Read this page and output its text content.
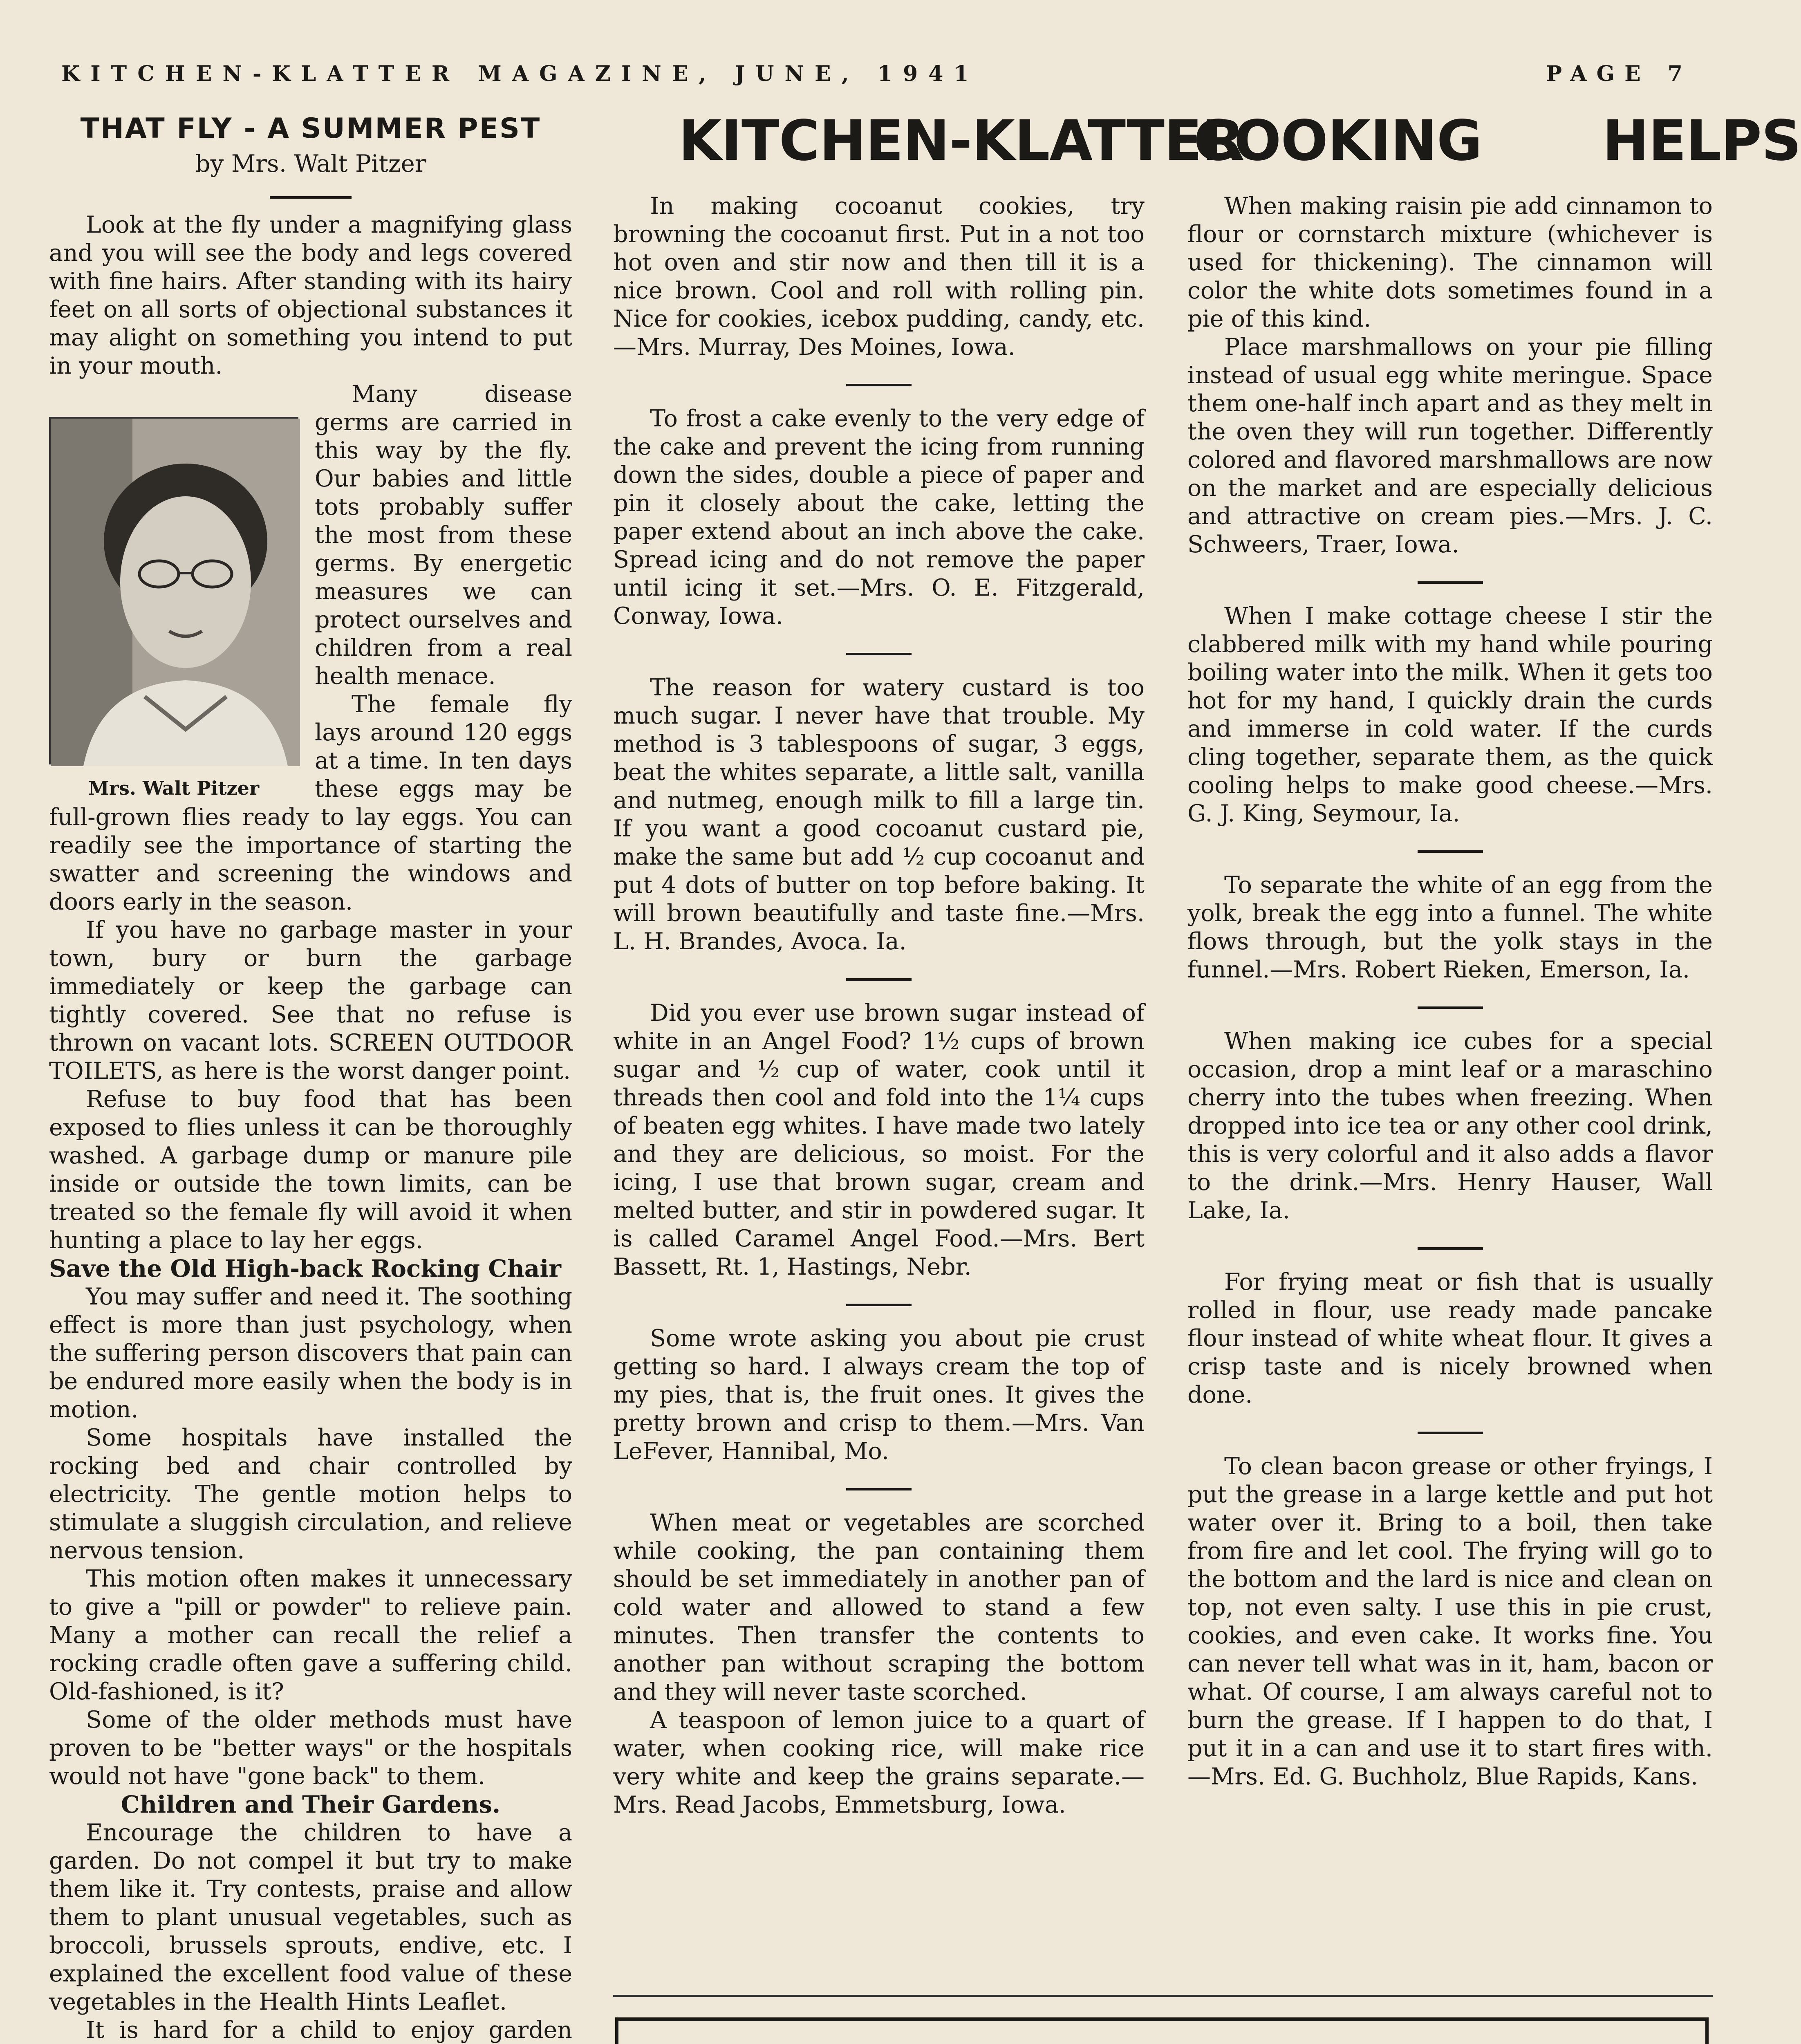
KITCHEN-KLATTER MAGAZINE, JUNE, 1941	PAGE 7
KITCHEN-KLATTER
COOKING HELPS
THAT FLY - A SUMMER PEST
by Mrs. Walt Pitzer

Look at the fly under a magnifying glass and you will see the body and legs covered with fine hairs. After standing with its hairy feet on all sorts of objectional substances it may alight on something you intend to put in your mouth.

Mrs. Walt Pitzer

Many disease germs are carried in this way by the fly. Our babies and little tots probably suffer the most from these germs. By energetic measures we can protect ourselves and children from a real health menace.

The female fly lays around 120 eggs at a time. In ten days these eggs may be full-grown flies ready to lay eggs. You can readily see the importance of starting the swatter and screening the windows and doors early in the season.

If you have no garbage master in your town, bury or burn the garbage immediately or keep the garbage can tightly covered. See that no refuse is thrown on vacant lots. SCREEN OUTDOOR TOILETS, as here is the worst danger point.

Refuse to buy food that has been exposed to flies unless it can be thoroughly washed. A garbage dump or manure pile inside or outside the town limits, can be treated so the female fly will avoid it when hunting a place to lay her eggs.

Save the Old High-back Rocking Chair

You may suffer and need it. The soothing effect is more than just psychology, when the suffering person discovers that pain can be endured more easily when the body is in motion.

Some hospitals have installed the rocking bed and chair controlled by electricity. The gentle motion helps to stimulate a sluggish circulation, and relieve nervous tension.

This motion often makes it unnecessary to give a "pill or powder" to relieve pain. Many a mother can recall the relief a rocking cradle often gave a suffering child. Old-fashioned, is it?

Some of the older methods must have proven to be "better ways" or the hospitals would not have "gone back" to them.

Children and Their Gardens.

Encourage the children to have a garden. Do not compel it but try to make them like it. Try contests, praise and allow them to plant unusual vegetables, such as broccoli, brussels sprouts, endive, etc. I explained the excellent food value of these vegetables in the Health Hints Leaflet.

It is hard for a child to enjoy garden

In making cocoanut cookies, try browning the cocoanut first. Put in a not too hot oven and stir now and then till it is a nice brown. Cool and roll with rolling pin. Nice for cookies, icebox pudding, candy, etc.—Mrs. Murray, Des Moines, Iowa.

To frost a cake evenly to the very edge of the cake and prevent the icing from running down the sides, double a piece of paper and pin it closely about the cake, letting the paper extend about an inch above the cake. Spread icing and do not remove the paper until icing it set.—Mrs. O. E. Fitzgerald, Conway, Iowa.

The reason for watery custard is too much sugar. I never have that trouble. My method is 3 tablespoons of sugar, 3 eggs, beat the whites separate, a little salt, vanilla and nutmeg, enough milk to fill a large tin. If you want a good cocoanut custard pie, make the same but add ½ cup cocoanut and put 4 dots of butter on top before baking. It will brown beautifully and taste fine.—Mrs. L. H. Brandes, Avoca. Ia.

Did you ever use brown sugar instead of white in an Angel Food? 1½ cups of brown sugar and ½ cup of water, cook until it threads then cool and fold into the 1¼ cups of beaten egg whites. I have made two lately and they are delicious, so moist. For the icing, I use that brown sugar, cream and melted butter, and stir in powdered sugar. It is called Caramel Angel Food.—Mrs. Bert Bassett, Rt. 1, Hastings, Nebr.

Some wrote asking you about pie crust getting so hard. I always cream the top of my pies, that is, the fruit ones. It gives the pretty brown and crisp to them.—Mrs. Van LeFever, Hannibal, Mo.

When meat or vegetables are scorched while cooking, the pan containing them should be set immediately in another pan of cold water and allowed to stand a few minutes. Then transfer the contents to another pan without scraping the bottom and they will never taste scorched.

A teaspoon of lemon juice to a quart of water, when cooking rice, will make rice very white and keep the grains separate.—Mrs. Read Jacobs, Emmetsburg, Iowa.

When making raisin pie add cinnamon to flour or cornstarch mixture (whichever is used for thickening). The cinnamon will color the white dots sometimes found in a pie of this kind.

Place marshmallows on your pie filling instead of usual egg white meringue. Space them one-half inch apart and as they melt in the oven they will run together. Differently colored and flavored marshmallows are now on the market and are especially delicious and attractive on cream pies.—Mrs. J. C. Schweers, Traer, Iowa.

When I make cottage cheese I stir the clabbered milk with my hand while pouring boiling water into the milk. When it gets too hot for my hand, I quickly drain the curds and immerse in cold water. If the curds cling together, separate them, as the quick cooling helps to make good cheese.—Mrs. G. J. King, Seymour, Ia.

To separate the white of an egg from the yolk, break the egg into a funnel. The white flows through, but the yolk stays in the funnel.—Mrs. Robert Rieken, Emerson, Ia.

When making ice cubes for a special occasion, drop a mint leaf or a maraschino cherry into the tubes when freezing. When dropped into ice tea or any other cool drink, this is very colorful and it also adds a flavor to the drink.—Mrs. Henry Hauser, Wall Lake, Ia.

For frying meat or fish that is usually rolled in flour, use ready made pancake flour instead of white wheat flour. It gives a crisp taste and is nicely browned when done.

To clean bacon grease or other fryings, I put the grease in a large kettle and put hot water over it. Bring to a boil, then take from fire and let cool. The frying will go to the bottom and the lard is nice and clean on top, not even salty. I use this in pie crust, cookies, and even cake. It works fine. You can never tell what was in it, ham, bacon or what. Of course, I am always careful not to burn the grease. If I happen to do that, I put it in a can and use it to start fires with.—Mrs. Ed. G. Buchholz, Blue Rapids, Kans.
